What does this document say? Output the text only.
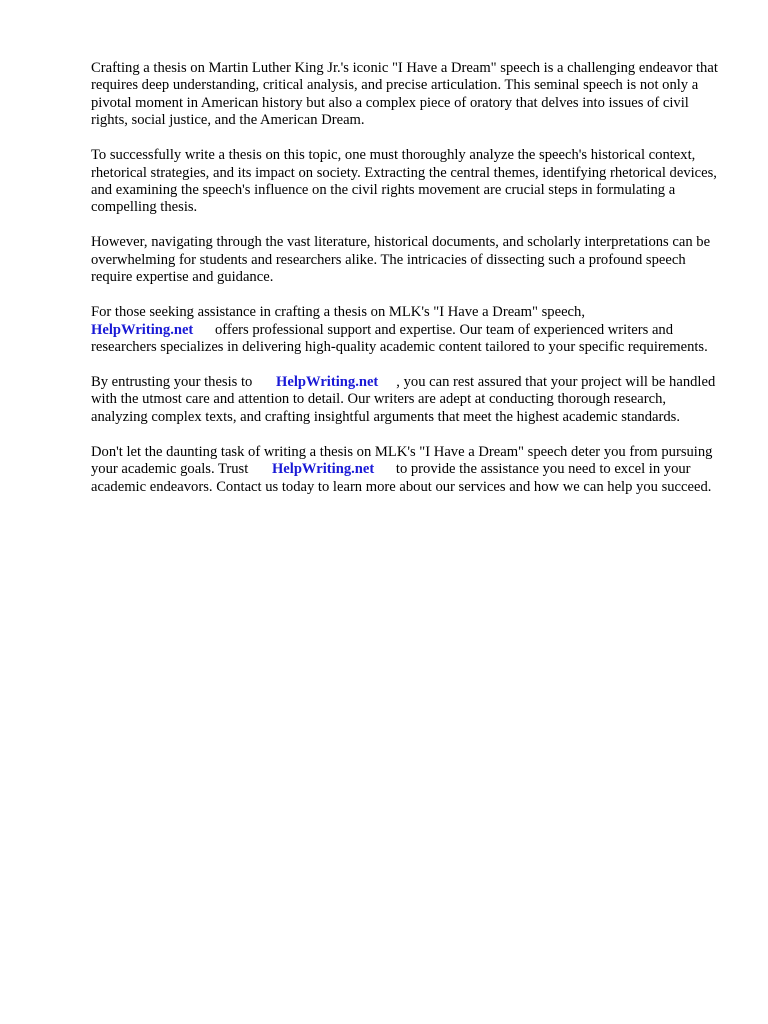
Crafting a thesis on Martin Luther King Jr.'s iconic "I Have a Dream" speech is a challenging endeavor that requires deep understanding, critical analysis, and precise articulation. This seminal speech is not only a pivotal moment in American history but also a complex piece of oratory that delves into issues of civil rights, social justice, and the American Dream.

To successfully write a thesis on this topic, one must thoroughly analyze the speech's historical context, rhetorical strategies, and its impact on society. Extracting the central themes, identifying rhetorical devices, and examining the speech's influence on the civil rights movement are crucial steps in formulating a compelling thesis.

However, navigating through the vast literature, historical documents, and scholarly interpretations can be overwhelming for students and researchers alike. The intricacies of dissecting such a profound speech require expertise and guidance.

For those seeking assistance in crafting a thesis on MLK's "I Have a Dream" speech,
HelpWriting.net offers professional support and expertise. Our team of experienced writers and researchers specializes in delivering high-quality academic content tailored to your specific requirements.

By entrusting your thesis to HelpWriting.net , you can rest assured that your project will be handled with the utmost care and attention to detail. Our writers are adept at conducting thorough research, analyzing complex texts, and crafting insightful arguments that meet the highest academic standards.

Don't let the daunting task of writing a thesis on MLK's "I Have a Dream" speech deter you from pursuing your academic goals. Trust HelpWriting.net to provide the assistance you need to excel in your academic endeavors. Contact us today to learn more about our services and how we can help you succeed.
